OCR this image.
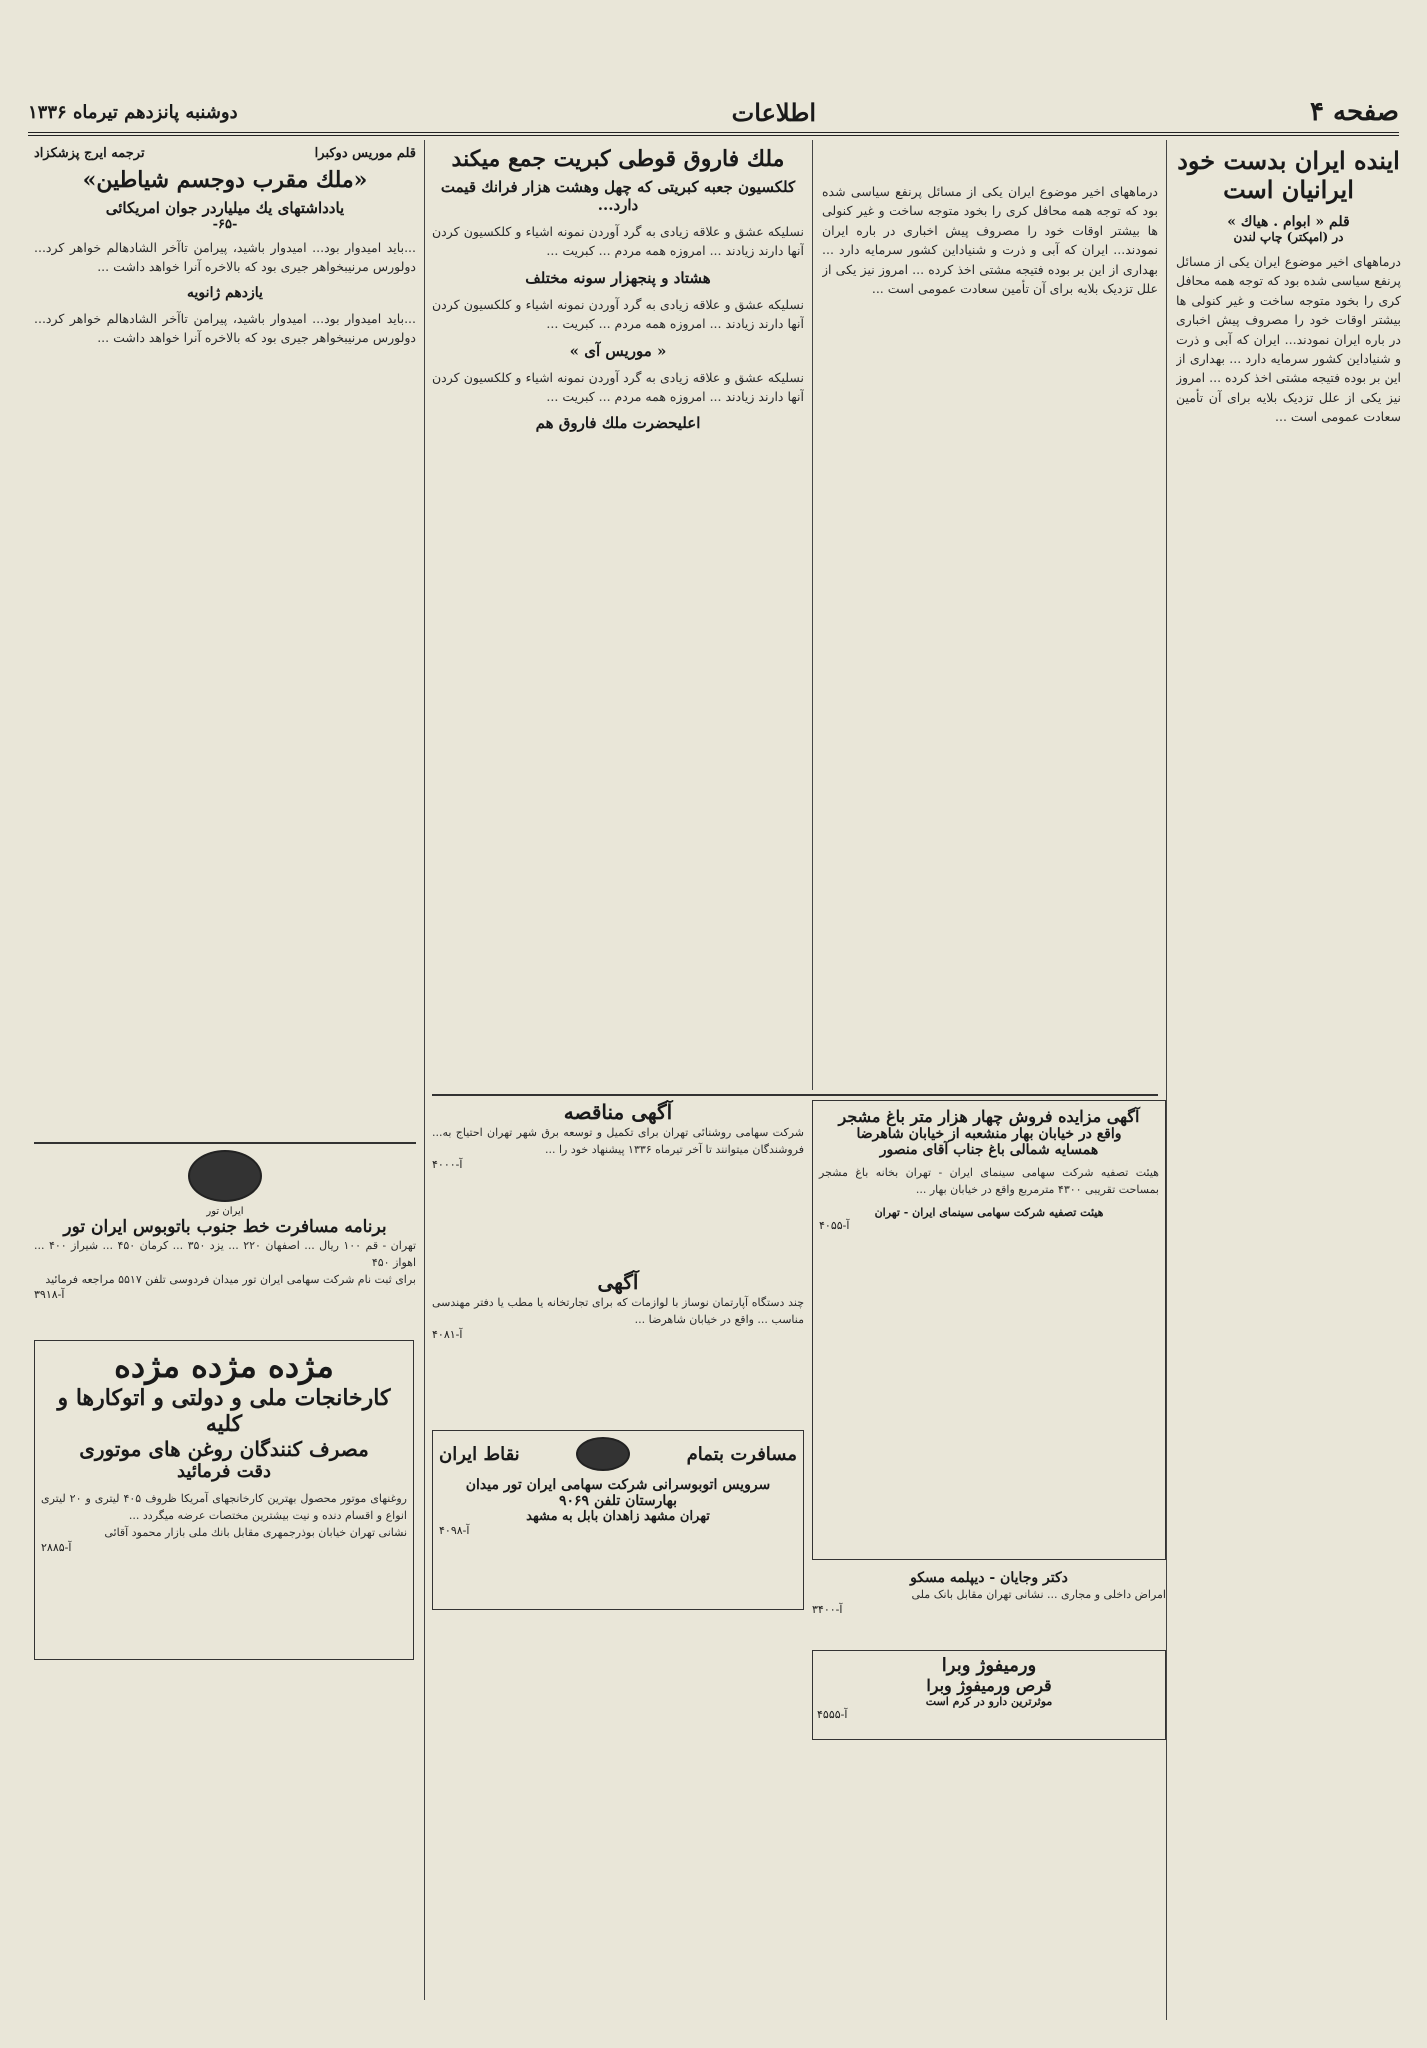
صفحه ۴
اطلاعات
دوشنبه پانزدهم تیرماه ۱۳۳۶
اینده ایران بدست خود ایرانیان است
قلم « ابوام . هیاك »
در (امپکتر) چاپ لندن
درماههای اخیر موضوع ایران یکی از مسائل پرنفع سیاسی شده بود که توجه همه محافل کری را بخود متوجه ساخت و غیر کنولی ها بیشتر اوقات خود را مصروف پیش اخباری در باره ایران نمودند... ایران که آبی و ذرت و شنیاداین کشور سرمایه دارد ... بهداری از این بر بوده فتیجه مشتی اخذ کرده ... امروز نیز یکی از علل تزدیک بلایه برای آن تأمین سعادت عمومی است ...
درماههای اخیر موضوع ایران یکی از مسائل پرنفع سیاسی شده بود که توجه همه محافل کری را بخود متوجه ساخت و غیر کنولی ها بیشتر اوقات خود را مصروف پیش اخباری در باره ایران نمودند... ایران که آبی و ذرت و شنیاداین کشور سرمایه دارد ... بهداری از این بر بوده فتیجه مشتی اخذ کرده ... امروز نیز یکی از علل تزدیک بلایه برای آن تأمین سعادت عمومی است ...
ملك فاروق قوطی کبریت جمع میکند
کلکسیون جعبه کبریتی که چهل وهشت هزار فرانك قیمت دارد...
نسلیکه عشق و علاقه زیادی به گرد آوردن نمونه اشیاء و کلکسیون کردن آنها دارند زیادند ... امروزه همه مردم ... کبریت ...
هشتاد و پنجهزار سونه مختلف
نسلیکه عشق و علاقه زیادی به گرد آوردن نمونه اشیاء و کلکسیون کردن آنها دارند زیادند ... امروزه همه مردم ... کبریت ...
« موریس آی »
نسلیکه عشق و علاقه زیادی به گرد آوردن نمونه اشیاء و کلکسیون کردن آنها دارند زیادند ... امروزه همه مردم ... کبریت ...
اعلیحضرت ملك فاروق هم
قلم موریس دوکبرا
ترجمه ایرج پزشکزاد
«ملك مقرب دوجسم شياطين»
یادداشتهای يك میلیاردر جوان امریکائی
-۶۵-
...باید امیدوار بود... امیدوار باشید، پیرامن تاآخر الشادهالم خواهر کرد... دولورس مرنیبخواهر جیری بود که بالاخره آنرا خواهد داشت ...
یازدهم ژانویه
...باید امیدوار بود... امیدوار باشید، پیرامن تاآخر الشادهالم خواهر کرد... دولورس مرنیبخواهر جیری بود که بالاخره آنرا خواهد داشت ...
ایران تور
برنامه مسافرت خط جنوب باتوبوس ایران تور
تهران - قم ۱۰۰ ريال ... اصفهان ۲۲۰ ... یزد ۳۵۰ ... کرمان ۴۵۰ ... شیراز ۴۰۰ ... اهواز ۴۵۰
برای ثبت نام شرکت سهامی ایران تور میدان فردوسی تلفن ۵۵۱۷ مراجعه فرمائید
۳۹۱۸-آ
مژده مژده مژده
کارخانجات ملی و دولتی و اتوکارها و کلیه
مصرف کنندگان روغن های موتوری
دقت فرمائید
روغنهای موتور محصول بهترین کارخانجهای آمریکا ظروف ۴۰۵ لیتری و ۲۰ لیتری انواع و اقسام دنده و نیت بیشترین مختصات عرضه میگردد ...
نشانی تهران خیابان بوذرجمهری مقابل بانك ملی بازار محمود آقائی
۲۸۸۵-آ
آگهی مزایده فروش چهار هزار متر باغ مشجر
واقع در خیابان بهار منشعبه از خیابان شاهرضا
همسایه شمالی باغ جناب آقای منصور
هیئت تصفیه شرکت سهامی سینمای ایران - تهران بخانه باغ مشجر بمساحت تقریبی ۴۳۰۰ مترمربع واقع در خیابان بهار ...
هیئت تصفیه شرکت سهامی سینمای ایران - تهران
۴۰۵۵-آ
آگهی مناقصه
شرکت سهامی روشنائی تهران برای تکمیل و توسعه برق شهر تهران احتیاج به... فروشندگان میتوانند تا آخر تیرماه ۱۳۳۶ پیشنهاد خود را ...
۴۰۰۰-آ
آگهی
چند دستگاه آپارتمان نوساز با لوازمات که برای تجارتخانه یا مطب یا دفتر مهندسی مناسب ... واقع در خیابان شاهرضا ...
۴۰۸۱-آ
مسافرت بتمام
نقاط ایران
سرویس اتوبوسرانی شرکت سهامی ایران تور میدان بهارستان تلفن ۹۰۶۹
تهران مشهد زاهدان بابل به مشهد
۴۰۹۸-آ
دکتر وجایان - دیپلمه مسکو
امراض داخلی و مجاری ... نشانی تهران مقابل بانک ملی
۳۴۰۰-آ
ورمیفوژ وبرا
قرص ورمیفوژ وبرا
موثرترین دارو در کرم است
۴۵۵۵-آ
